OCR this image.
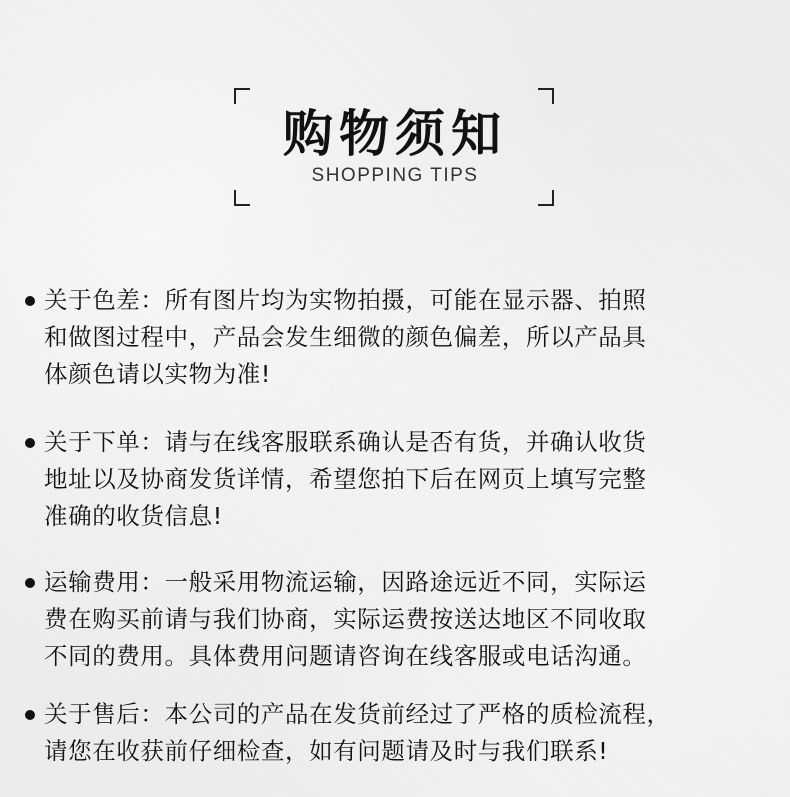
购物须知
SHOPPING TIPS
关于色差：所有图片均为实物拍摄，可能在显示器、拍照
和做图过程中，产品会发生细微的颜色偏差，所以产品具
体颜色请以实物为准!
关于下单：请与在线客服联系确认是否有货，并确认收货
地址以及协商发货详情，希望您拍下后在网页上填写完整
准确的收货信息!
运输费用：一般采用物流运输，因路途远近不同，实际运
费在购买前请与我们协商，实际运费按送达地区不同收取
不同的费用。具体费用问题请咨询在线客服或电话沟通。
关于售后：本公司的产品在发货前经过了严格的质检流程，
请您在收获前仔细检查，如有问题请及时与我们联系!
